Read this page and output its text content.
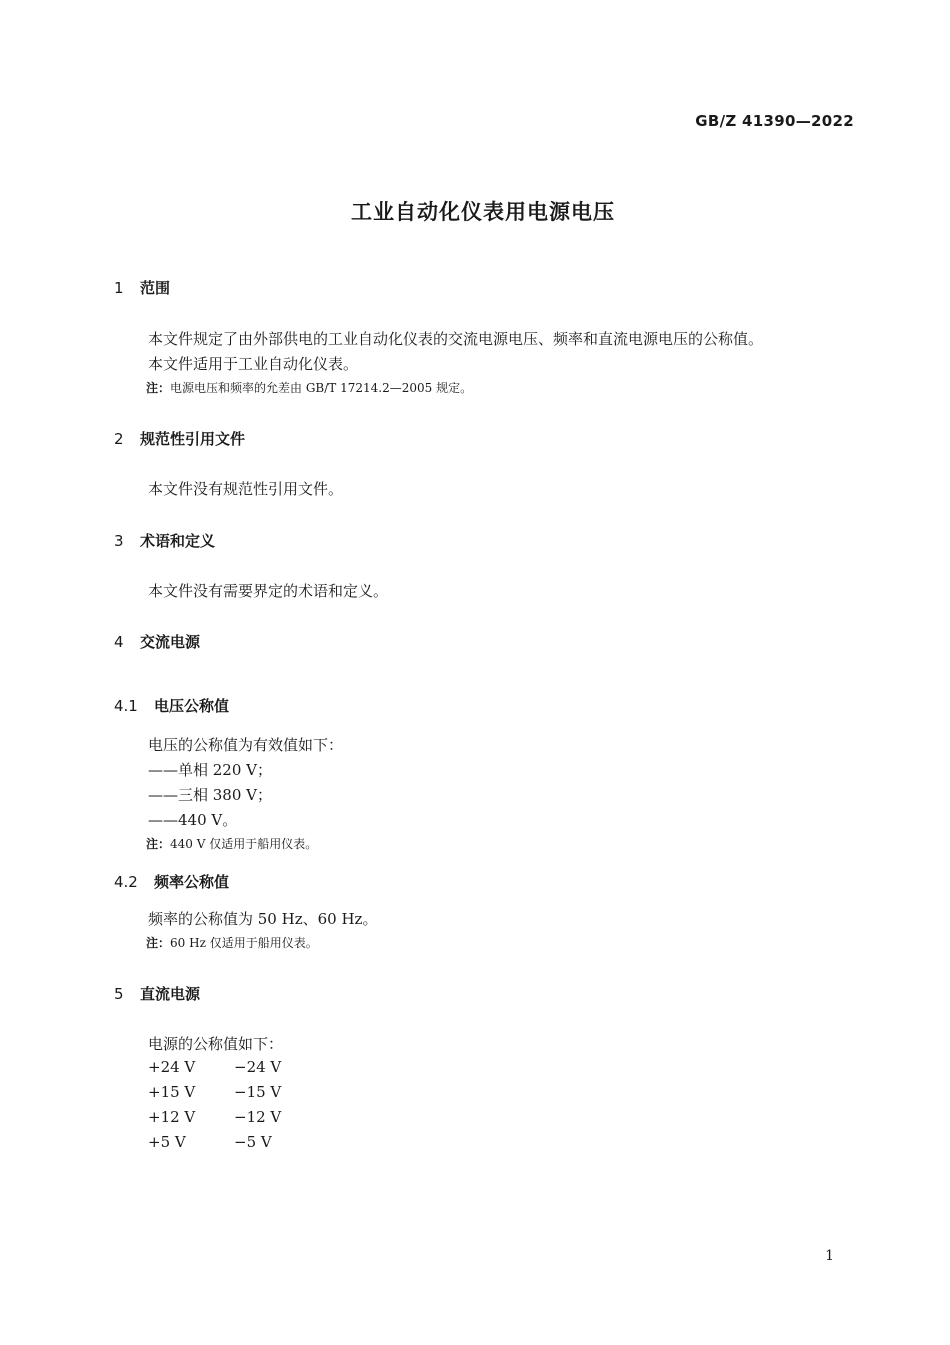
GB/Z 41390—2022
工业自动化仪表用电源电压
1 范围
本文件规定了由外部供电的工业自动化仪表的交流电源电压、频率和直流电源电压的公称值。
本文件适用于工业自动化仪表。
注：电源电压和频率的允差由 GB/T 17214.2—2005 规定。
2 规范性引用文件
本文件没有规范性引用文件。
3 术语和定义
本文件没有需要界定的术语和定义。
4 交流电源
4.1 电压公称值
电压的公称值为有效值如下：
——单相 220 V；
——三相 380 V；
——440 V。
注：440 V 仅适用于船用仪表。
4.2 频率公称值
频率的公称值为 50 Hz、60 Hz。
注：60 Hz 仅适用于船用仪表。
5 直流电源
电源的公称值如下：
+24 V	−24 V
+15 V	−15 V
+12 V	−12 V
+5 V	−5 V
1
